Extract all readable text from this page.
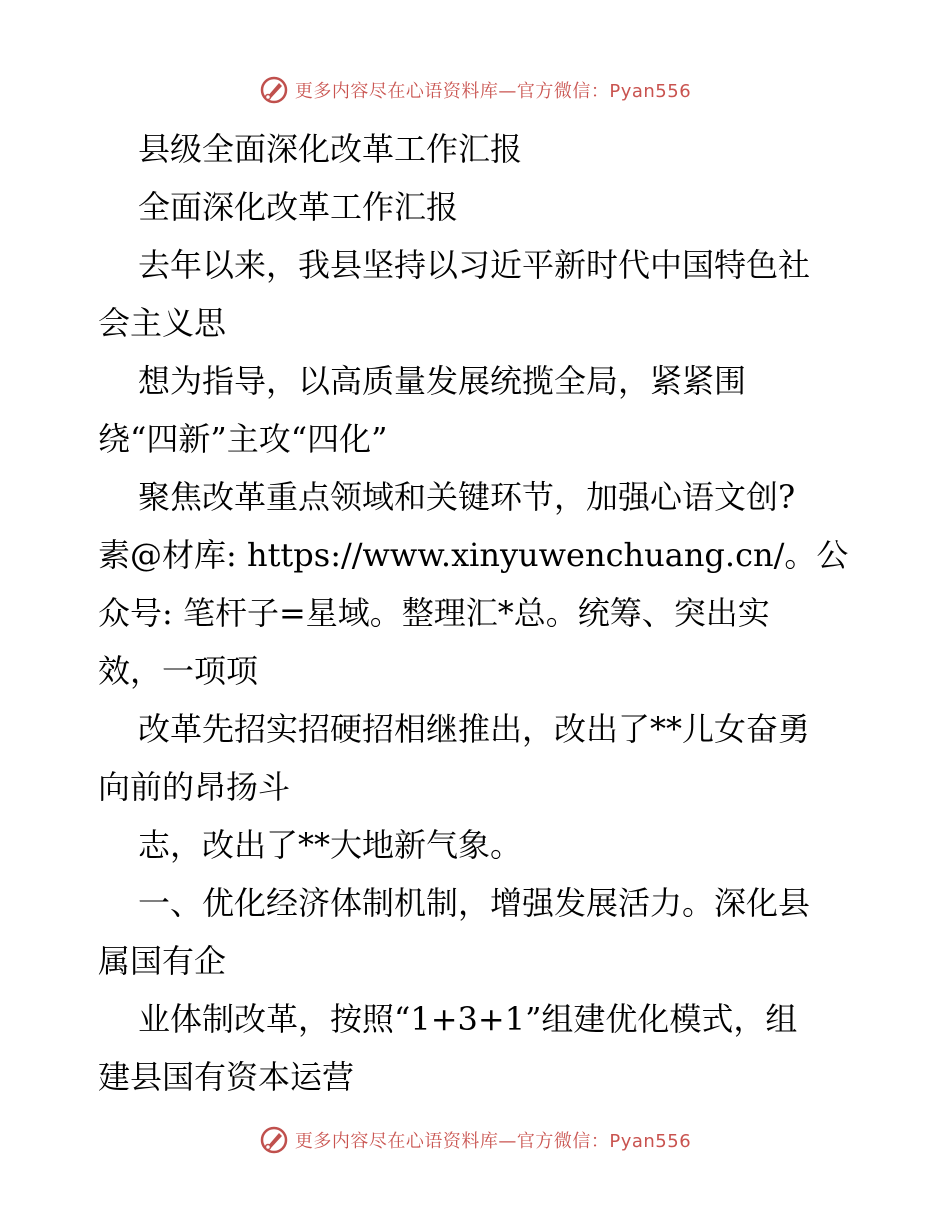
更多内容尽在心语资料库—官方微信：Pyan556
县级全面深化改革工作汇报
全面深化改革工作汇报
去年以来，我县坚持以习近平新时代中国特色社
会主义思
想为指导，以高质量发展统揽全局，紧紧围
绕“四新”主攻“四化”
聚焦改革重点领域和关键环节，加强心语文创?
素@材库: https://www.xinyuwenchuang.cn/。公
众号: 笔杆子=星域。整理汇*总。统筹、突出实
效，一项项
改革先招实招硬招相继推出，改出了**儿女奋勇
向前的昂扬斗
志，改出了**大地新气象。
一、优化经济体制机制，增强发展活力。深化县
属国有企
业体制改革，按照“1+3+1”组建优化模式，组
建县国有资本运营
更多内容尽在心语资料库—官方微信：Pyan556
